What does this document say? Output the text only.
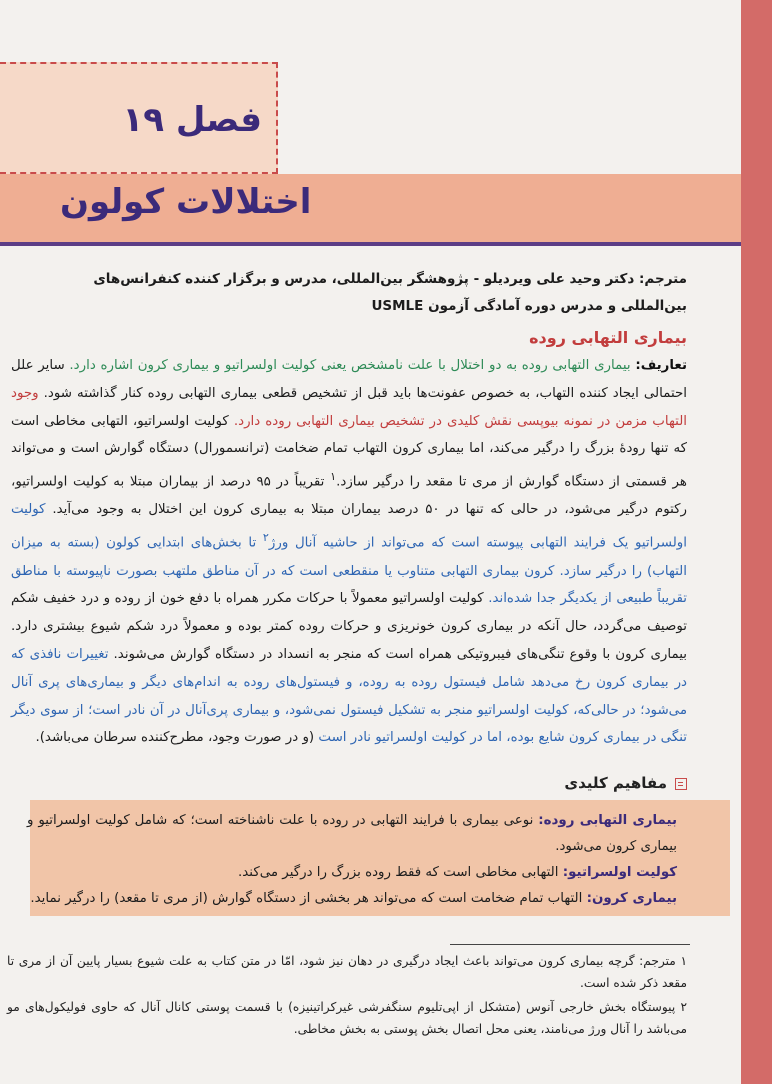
فصل ۱۹
اختلالات کولون
مترجم: دکتر وحید علی ویردیلو - پژوهشگر بین‌المللی، مدرس و برگزار کننده کنفرانس‌های بین‌المللی و مدرس دوره آمادگی آزمون USMLE
بیماری التهابی روده
تعاریف: بیماری التهابی روده به دو اختلال با علت نامشخص یعنی کولیت اولسراتیو و بیماری کرون اشاره دارد. سایر علل احتمالی ایجاد کننده التهاب، به خصوص عفونت‌ها باید قبل از تشخیص قطعی بیماری التهابی روده کنار گذاشته شود. وجود التهاب مزمن در نمونه بیوپسی نقش کلیدی در تشخیص بیماری التهابی روده دارد. کولیت اولسراتیو، التهابی مخاطی است که تنها رودهٔ بزرگ را درگیر می‌کند، اما بیماری کرون التهاب تمام ضخامت (ترانسمورال) دستگاه گوارش است و می‌تواند هر قسمتی از دستگاه گوارش از مری تا مقعد را درگیر سازد.$^۱$ تقریباً در ۹۵ درصد از بیماران مبتلا به کولیت اولسراتیو، رکتوم درگیر می‌شود، در حالی که تنها در ۵۰ درصد بیماران مبتلا به بیماری کرون این اختلال به وجود می‌آید. کولیت اولسراتیو یک فرایند التهابی پیوسته است که می‌تواند از حاشیه آنال ورژ$^۲$ تا بخش‌های ابتدایی کولون (بسته به میزان التهاب) را درگیر سازد. کرون بیماری التهابی متناوب یا منقطعی است که در آن مناطق ملتهب بصورت ناپیوسته با مناطق تقریباً طبیعی از یکدیگر جدا شده‌اند. کولیت اولسراتیو معمولاً با حرکات مکرر همراه با دفع خون از روده و درد خفیف شکم توصیف می‌گردد، حال آنکه در بیماری کرون خونریزی و حرکات روده کمتر بوده و معمولاً درد شکم شیوع بیشتری دارد. بیماری کرون با وقوع تنگی‌های فیبروتیکی همراه است که منجر به انسداد در دستگاه گوارش می‌شوند. تغییرات نافذی که در بیماری کرون رخ می‌دهد شامل فیستول روده به روده، و فیستول‌های روده به اندام‌های دیگر و بیماری‌های پری آنال می‌شود؛ در حالی‌که، کولیت اولسراتیو منجر به تشکیل فیستول نمی‌شود، و بیماری پری‌آنال در آن نادر است؛ از سوی دیگر تنگی در بیماری کرون شایع بوده، اما در کولیت اولسراتیو نادر است (و در صورت وجود، مطرح‌کننده سرطان می‌باشد).
مفاهیم کلیدی
بیماری التهابی روده: نوعی بیماری با فرایند التهابی در روده با علت ناشناخته است؛ که شامل کولیت اولسراتیو و بیماری کرون می‌شود.
کولیت اولسراتیو: التهابی مخاطی است که فقط روده بزرگ را درگیر می‌کند.
بیماری کرون: التهاب تمام ضخامت است که می‌تواند هر بخشی از دستگاه گوارش (از مری تا مقعد) را درگیر نماید.

۱ مترجم: گرچه بیماری کرون می‌تواند باعث ایجاد درگیری در دهان نیز شود، امّا در متن کتاب به علت شیوع بسیار پایین آن از مری تا مقعد ذکر شده است.

۲ پیوستگاه بخش خارجی آنوس (متشکل از اپی‌تلیوم سنگفرشی غیرکراتینیزه) با قسمت پوستی کانال آنال که حاوی فولیکول‌های مو می‌باشد را آنال ورژ می‌نامند، یعنی محل اتصال بخش پوستی به بخش مخاطی.
